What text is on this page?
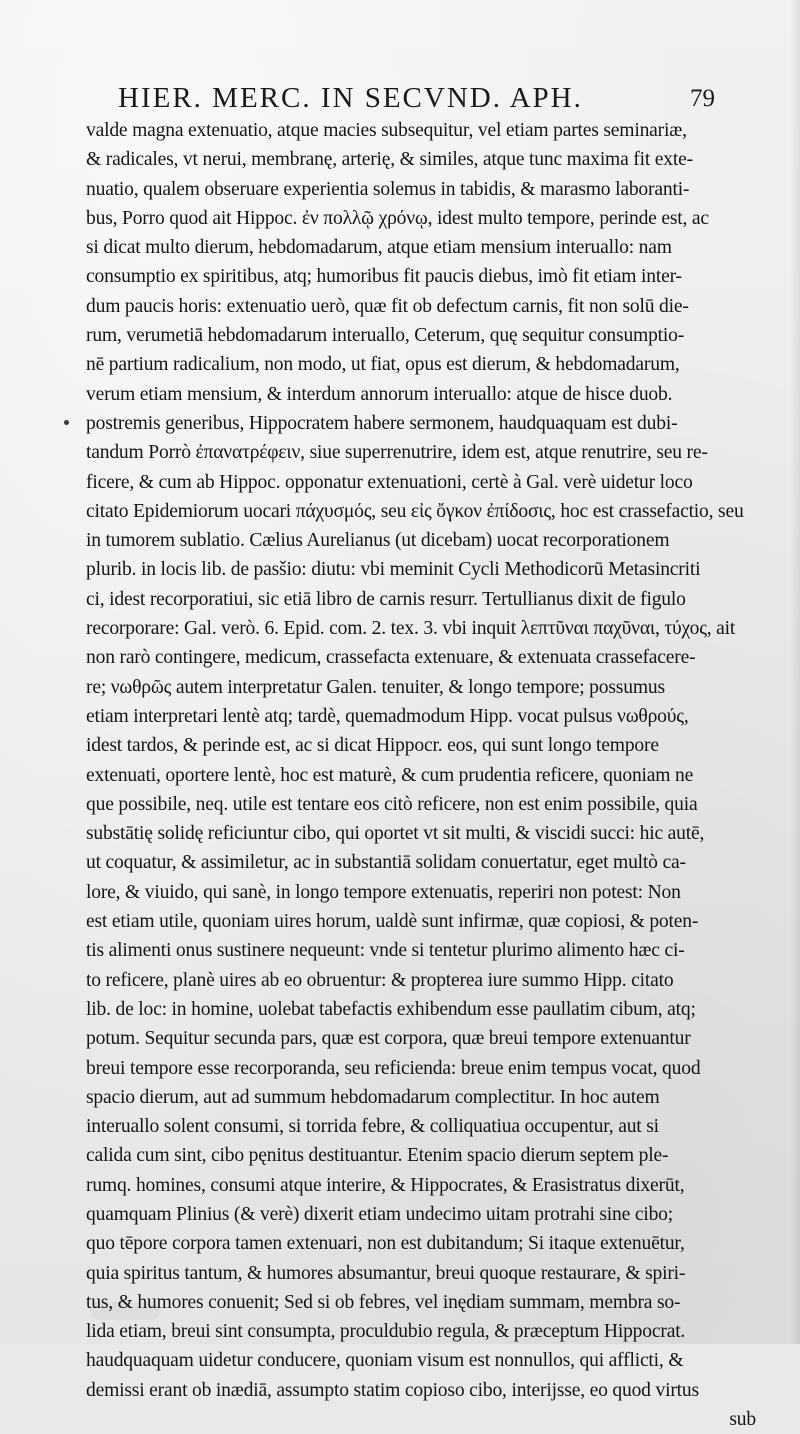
HIER. MERC. IN SECVND. APH.	79
valde magna extenuatio, atque macies subsequitur, vel etiam partes seminariæ,
& radicales, vt nerui, membranę, arterię, & similes, atque tunc maxima fit exte-
nuatio, qualem obseruare experientia solemus in tabidis, & marasmo laboranti-
bus, Porro quod ait Hippoc. ἐν πολλῷ χρόνῳ, idest multo tempore, perinde est, ac
si dicat multo dierum, hebdomadarum, atque etiam mensium interuallo: nam
consumptio ex spiritibus, atq; humoribus fit paucis diebus, imò fit etiam inter-
dum paucis horis: extenuatio uerò, quæ fit ob defectum carnis, fit non solū die-
rum, verumetiā hebdomadarum interuallo, Ceterum, quę sequitur consumptio-
nē partium radicalium, non modo, ut fiat, opus est dierum, & hebdomadarum,
verum etiam mensium, & interdum annorum interuallo: atque de hisce duob.
postremis generibus, Hippocratem habere sermonem, haudquaquam est dubi-
tandum Porrò ἐπανατρέφειν, siue superrenutrire, idem est, atque renutrire, seu re-
ficere, & cum ab Hippoc. opponatur extenuationi, certè à Gal. verè uidetur loco
citato Epidemiorum uocari πάχυσμός, seu εἰς ὄγκον ἐπίδοσις, hoc est crassefactio, seu
in tumorem sublatio. Cælius Aurelianus (ut dicebam) uocat recorporationem
plurib. in locis lib. de pasšio: diutu: vbi meminit Cycli Methodicorū Metasincriti
ci, idest recorporatiui, sic etiā libro de carnis resurr. Tertullianus dixit de figulo
recorporare: Gal. verò. 6. Epid. com. 2. tex. 3. vbi inquit λεπτῦναι παχῦναι, τύχος, ait
non rarò contingere, medicum, crassefacta extenuare, & extenuata crassefacere-
re; νωθρῶς autem interpretatur Galen. tenuiter, & longo tempore; possumus
etiam interpretari lentè atq; tardè, quemadmodum Hipp. vocat pulsus νωθρούς,
idest tardos, & perinde est, ac si dicat Hippocr. eos, qui sunt longo tempore
extenuati, oportere lentè, hoc est maturè, & cum prudentia reficere, quoniam ne
que possibile, neq. utile est tentare eos citò reficere, non est enim possibile, quia
substātię solidę reficiuntur cibo, qui oportet vt sit multi, & viscidi succi: hic autē,
ut coquatur, & assimiletur, ac in substantiā solidam conuertatur, eget multò ca-
lore, & viuido, qui sanè, in longo tempore extenuatis, reperiri non potest: Non
est etiam utile, quoniam uires horum, ualdè sunt infirmæ, quæ copiosi, & poten-
tis alimenti onus sustinere nequeunt: vnde si tentetur plurimo alimento hæc ci-
to reficere, planè uires ab eo obruentur: & propterea iure summo Hipp. citato
lib. de loc: in homine, uolebat tabefactis exhibendum esse paullatim cibum, atq;
potum. Sequitur secunda pars, quæ est corpora, quæ breui tempore extenuantur
breui tempore esse recorporanda, seu reficienda: breue enim tempus vocat, quod
spacio dierum, aut ad summum hebdomadarum complectitur. In hoc autem
interuallo solent consumi, si torrida febre, & colliquatiua occupentur, aut si
calida cum sint, cibo pęnitus destituantur. Etenim spacio dierum septem ple-
rumq. homines, consumi atque interire, & Hippocrates, & Erasistratus dixerūt,
quamquam Plinius (& verè) dixerit etiam undecimo uitam protrahi sine cibo;
quo tēpore corpora tamen extenuari, non est dubitandum; Si itaque extenuētur,
quia spiritus tantum, & humores absumantur, breui quoque restaurare, & spiri-
tus, & humores conuenit; Sed si ob febres, vel inędiam summam, membra so-
lida etiam, breui sint consumpta, proculdubio regula, & præceptum Hippocrat.
haudquaquam uidetur conducere, quoniam visum est nonnullos, qui afflicti, &
demissi erant ob inædiā, assumpto statim copioso cibo, interijsse, eo quod virtus
sub
